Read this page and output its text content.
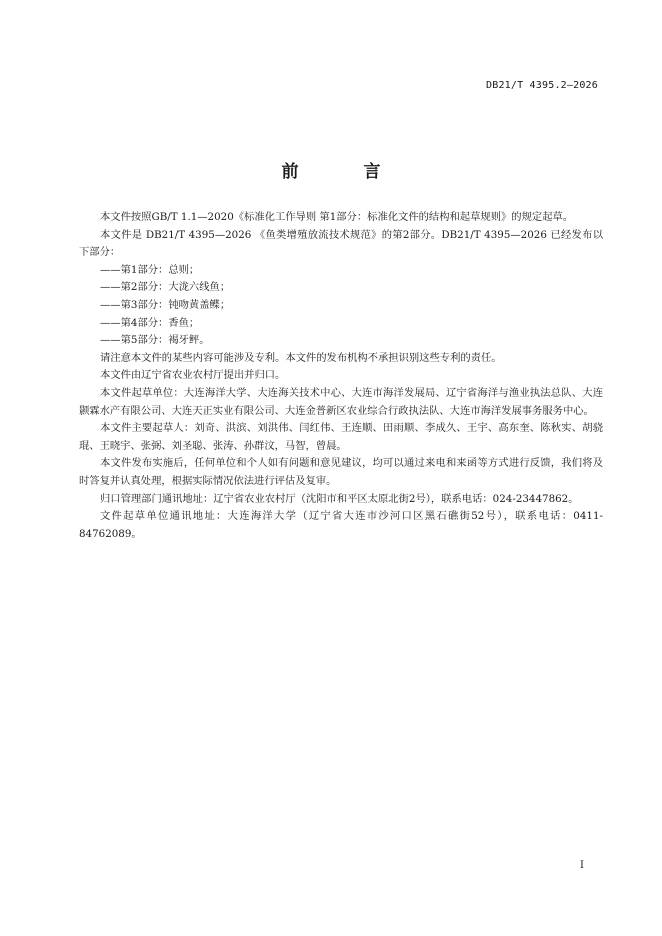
DB21/T 4395.2—2026
前　言

本文件按照GB/T 1.1—2020《标准化工作导则 第1部分：标准化文件的结构和起草规则》的规定起草。

本文件是 DB21/T 4395—2026 《鱼类增殖放流技术规范》的第2部分。DB21/T 4395—2026 已经发布以下部分：

——第1部分：总则；

——第2部分：大泷六线鱼；

——第3部分：钝吻黄盖鲽；

——第4部分：香鱼；

——第5部分：褐牙鲆。

请注意本文件的某些内容可能涉及专利。本文件的发布机构不承担识别这些专利的责任。

本文件由辽宁省农业农村厅提出并归口。

本文件起草单位：大连海洋大学、大连海关技术中心、大连市海洋发展局、辽宁省海洋与渔业执法总队、大连颢霖水产有限公司、大连天正实业有限公司、大连金普新区农业综合行政执法队、大连市海洋发展事务服务中心。

本文件主要起草人：刘奇、洪滨、刘洪伟、闫红伟、王连顺、田雨顺、李成久、王宇、高东奎、陈秋实、胡骁琨、王晓宇、张弼、刘圣聪、张涛、孙群汶，马智，曾晨。

本文件发布实施后，任何单位和个人如有问题和意见建议，均可以通过来电和来函等方式进行反馈，我们将及时答复并认真处理，根据实际情况依法进行评估及复审。

归口管理部门通讯地址：辽宁省农业农村厅（沈阳市和平区太原北街2号），联系电话：024-23447862。

文件起草单位通讯地址：大连海洋大学（辽宁省大连市沙河口区黑石礁街52号），联系电话：0411-84762089。

I
